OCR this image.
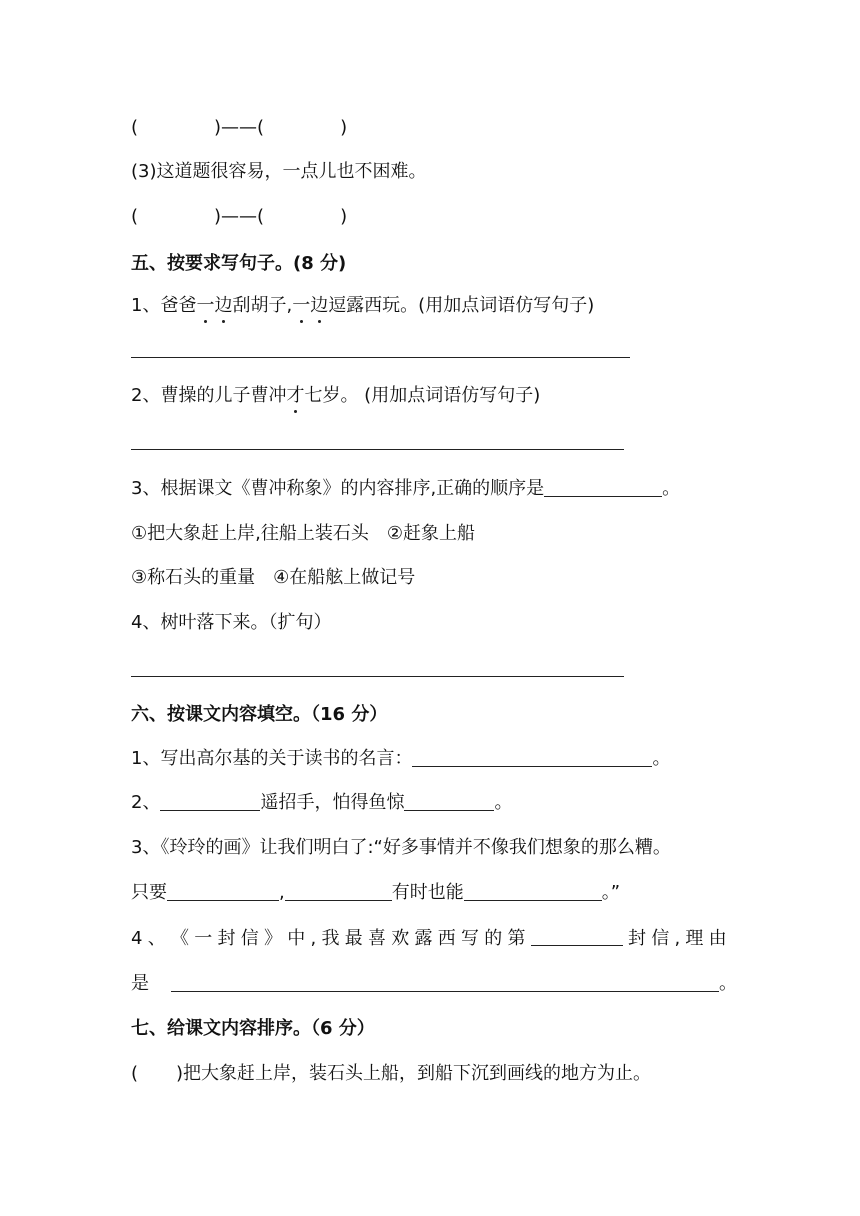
(	)——(	)
(3)这道题很容易，一点儿也不困难。
(	)——(	)
五、按要求写句子。(8 分)
1、爸爸一边刮胡子,一边逗露西玩。(用加点词语仿写句子)
2、曹操的儿子曹冲才七岁。 (用加点词语仿写句子)
3、根据课文《曹冲称象》的内容排序,正确的顺序是	。
①把大象赶上岸,往船上装石头　②赶象上船
③称石头的重量　④在船舷上做记号
4、树叶落下来。（扩句）
六、按课文内容填空。（16 分）
1、写出高尔基的关于读书的名言：	。
2、	遥招手，怕得鱼惊	。
3、《玲玲的画》让我们明白了:“好多事情并不像我们想象的那么糟。
只要	,	有时也能	。”
4 、 《 一 封 信 》 中 , 我 最 喜 欢 露 西 写 的 第	封 信 , 理 由
是	。
七、给课文内容排序。（6 分）
( )把大象赶上岸，装石头上船，到船下沉到画线的地方为止。
